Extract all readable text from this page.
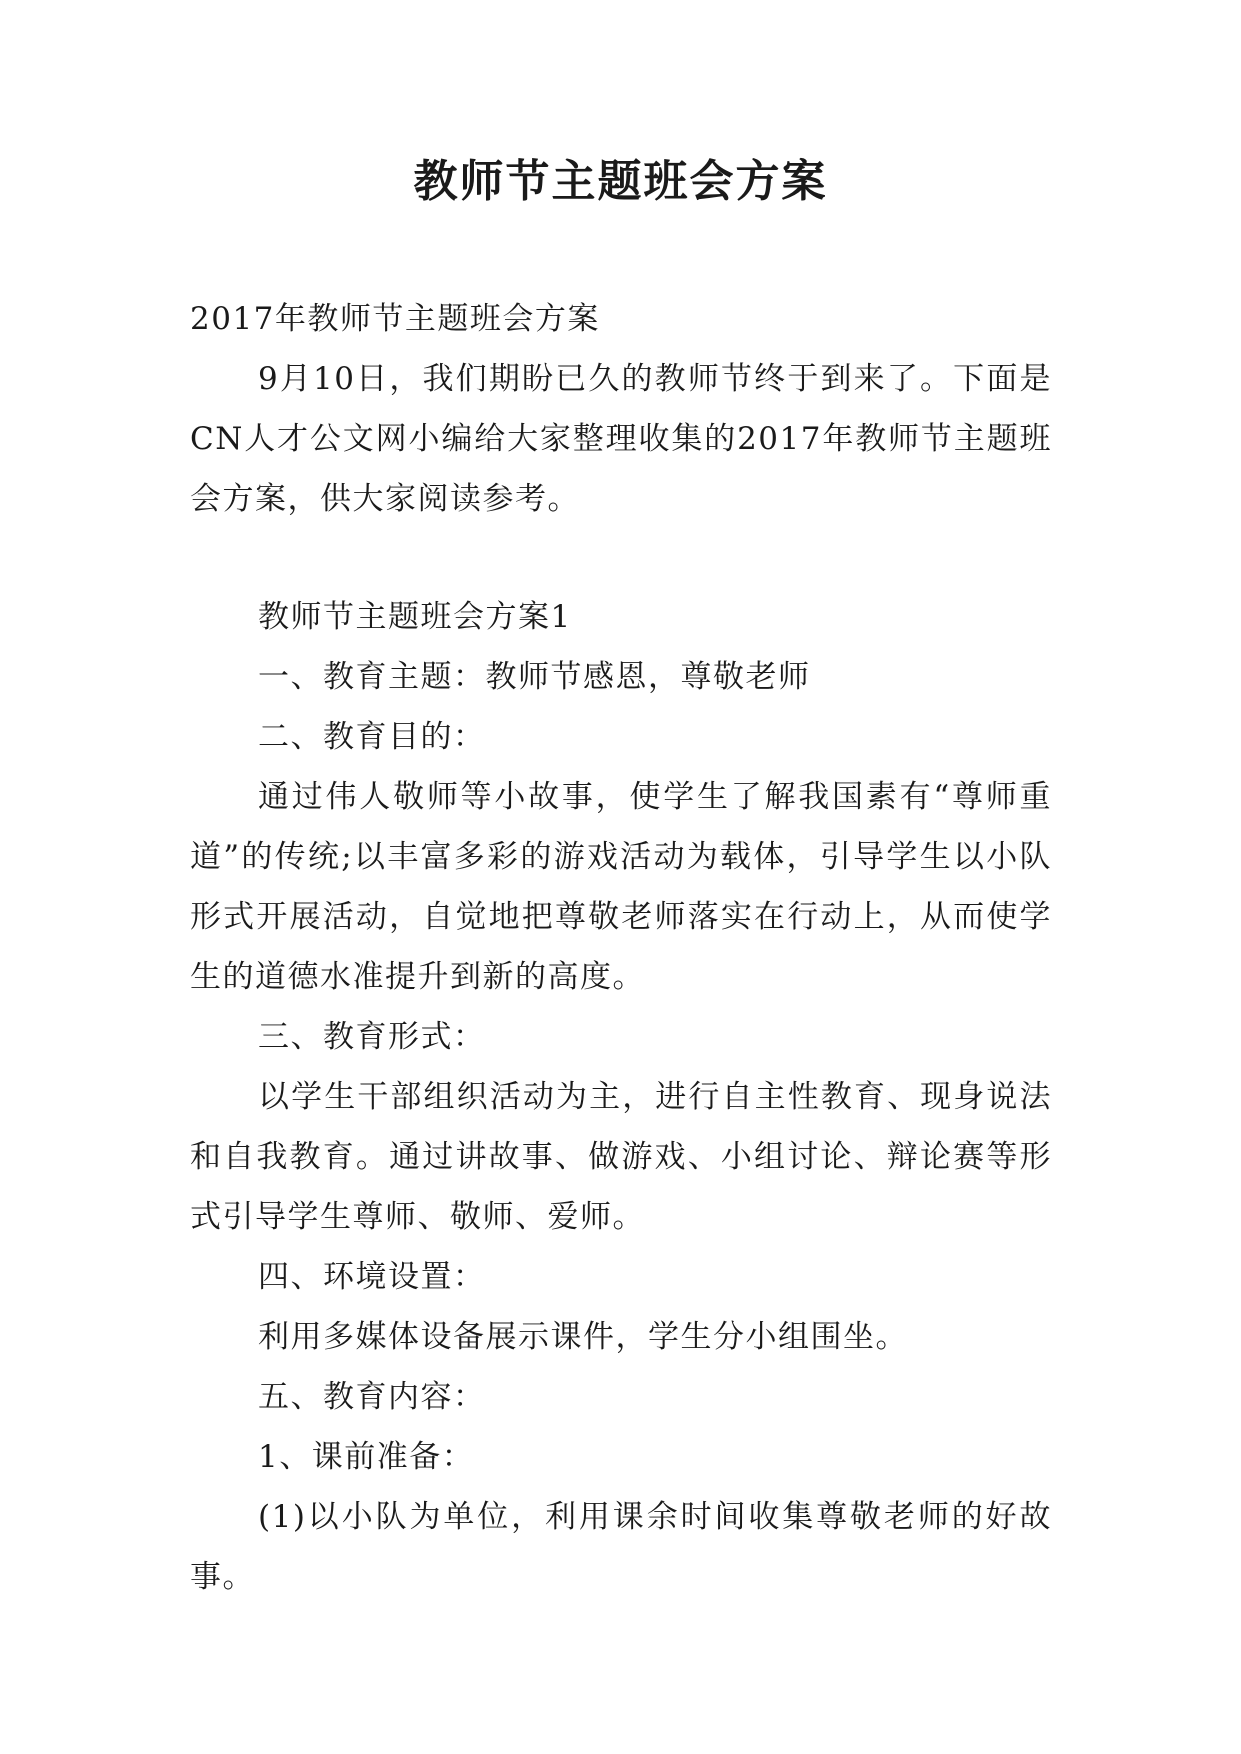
教师节主题班会方案

2017年教师节主题班会方案

9月10日，我们期盼已久的教师节终于到来了。下面是CN人才公文网小编给大家整理收集的2017年教师节主题班会方案，供大家阅读参考。

教师节主题班会方案1

一、教育主题：教师节感恩，尊敬老师

二、教育目的：

通过伟人敬师等小故事，使学生了解我国素有“尊师重道”的传统;以丰富多彩的游戏活动为载体，引导学生以小队形式开展活动，自觉地把尊敬老师落实在行动上，从而使学生的道德水准提升到新的高度。

三、教育形式：

以学生干部组织活动为主，进行自主性教育、现身说法和自我教育。通过讲故事、做游戏、小组讨论、辩论赛等形式引导学生尊师、敬师、爱师。

四、环境设置：

利用多媒体设备展示课件，学生分小组围坐。

五、教育内容：

1、课前准备：

(1)以小队为单位，利用课余时间收集尊敬老师的好故事。
